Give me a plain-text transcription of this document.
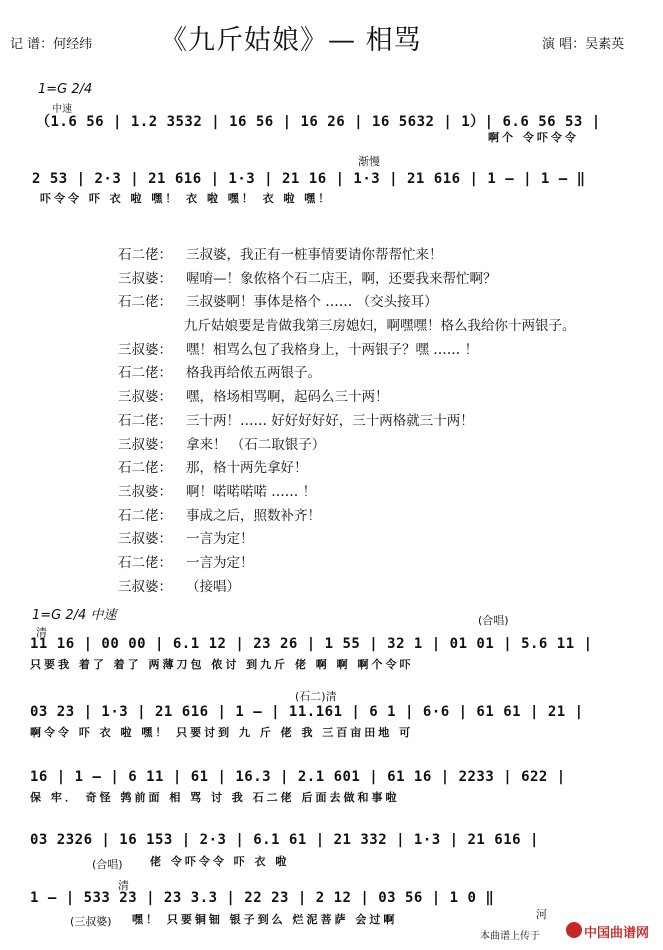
记 谱：何经纬	《九斤姑娘》— 相骂	演 唱：吴素英
1=G 2/4
中速
（1.6 56 | 1.2 3532 | 16 56 | 16 26 | 16 5632 | 1）| 6.6 56 53 |
啊个 令吓令令
渐慢
2 53 | 2·3 | 21 616 | 1·3 | 21 16 | 1·3 | 21 616 | 1 — | 1 — ‖
吓令令 吓 衣 啦 嘿！ 衣 啦 嘿！ 衣 啦 嘿！
石二佬： 三叔婆，我正有一桩事情要请你帮帮忙来！
三叔婆： 喔唷—！象侬格个石二店王，啊，还要我来帮忙啊？
石二佬： 三叔婆啊！事体是格个 …… （交头接耳）
九斤姑娘要是肯做我第三房媳妇，啊嘿嘿！格么我给你十两银子。
三叔婆： 嘿！相骂么包了我格身上，十两银子？嘿 …… ！
石二佬： 格我再给侬五两银子。
三叔婆： 嘿，格场相骂啊，起码么三十两！
石二佬： 三十两！…… 好好好好好，三十两格就三十两！
三叔婆： 拿来！ （石二取银子）
石二佬： 那，格十两先拿好！
三叔婆： 啊！喏喏喏喏 …… ！
石二佬： 事成之后，照数补齐！
三叔婆： 一言为定！
石二佬： 一言为定！
三叔婆： （接唱）
1=G 2/4 中速
清
(合唱)
11 16 | 00 00 | 6.1 12 | 23 26 | 1 55 | 32 1 | 01 01 | 5.6 11 |
只要我 着了 着了 两薄刀包 侬讨 到九斤 佬 啊 啊 啊个令吓
(石二)清
03 23 | 1·3 | 21 616 | 1 — | 11.161 | 6 1 | 6·6 | 61 61 | 21 |
啊令令 吓 衣 啦 嘿！ 只要讨到 九 斤 佬 我 三百亩田地 可
16 | 1 — | 6 11 | 61 | 16.3 | 2.1 601 | 61 16 | 2233 | 622 |
保 牢． 奇怪 鹁前面 相 骂 讨 我 石二佬 后面去做和事啦
03 2326 | 16 153 | 2·3 | 6.1 61 | 21 332 | 1·3 | 21 616 |
(合唱) 佬 令吓令令 吓 衣 啦
清
1 — | 533 23 | 23 3.3 | 22 23 | 2 12 | 03 56 | 1 0 ‖
(三叔婆) 嘿！ 只要铜钿 银子到么 烂泥菩萨 会过啊	河
本曲谱上传于	中国曲谱网
